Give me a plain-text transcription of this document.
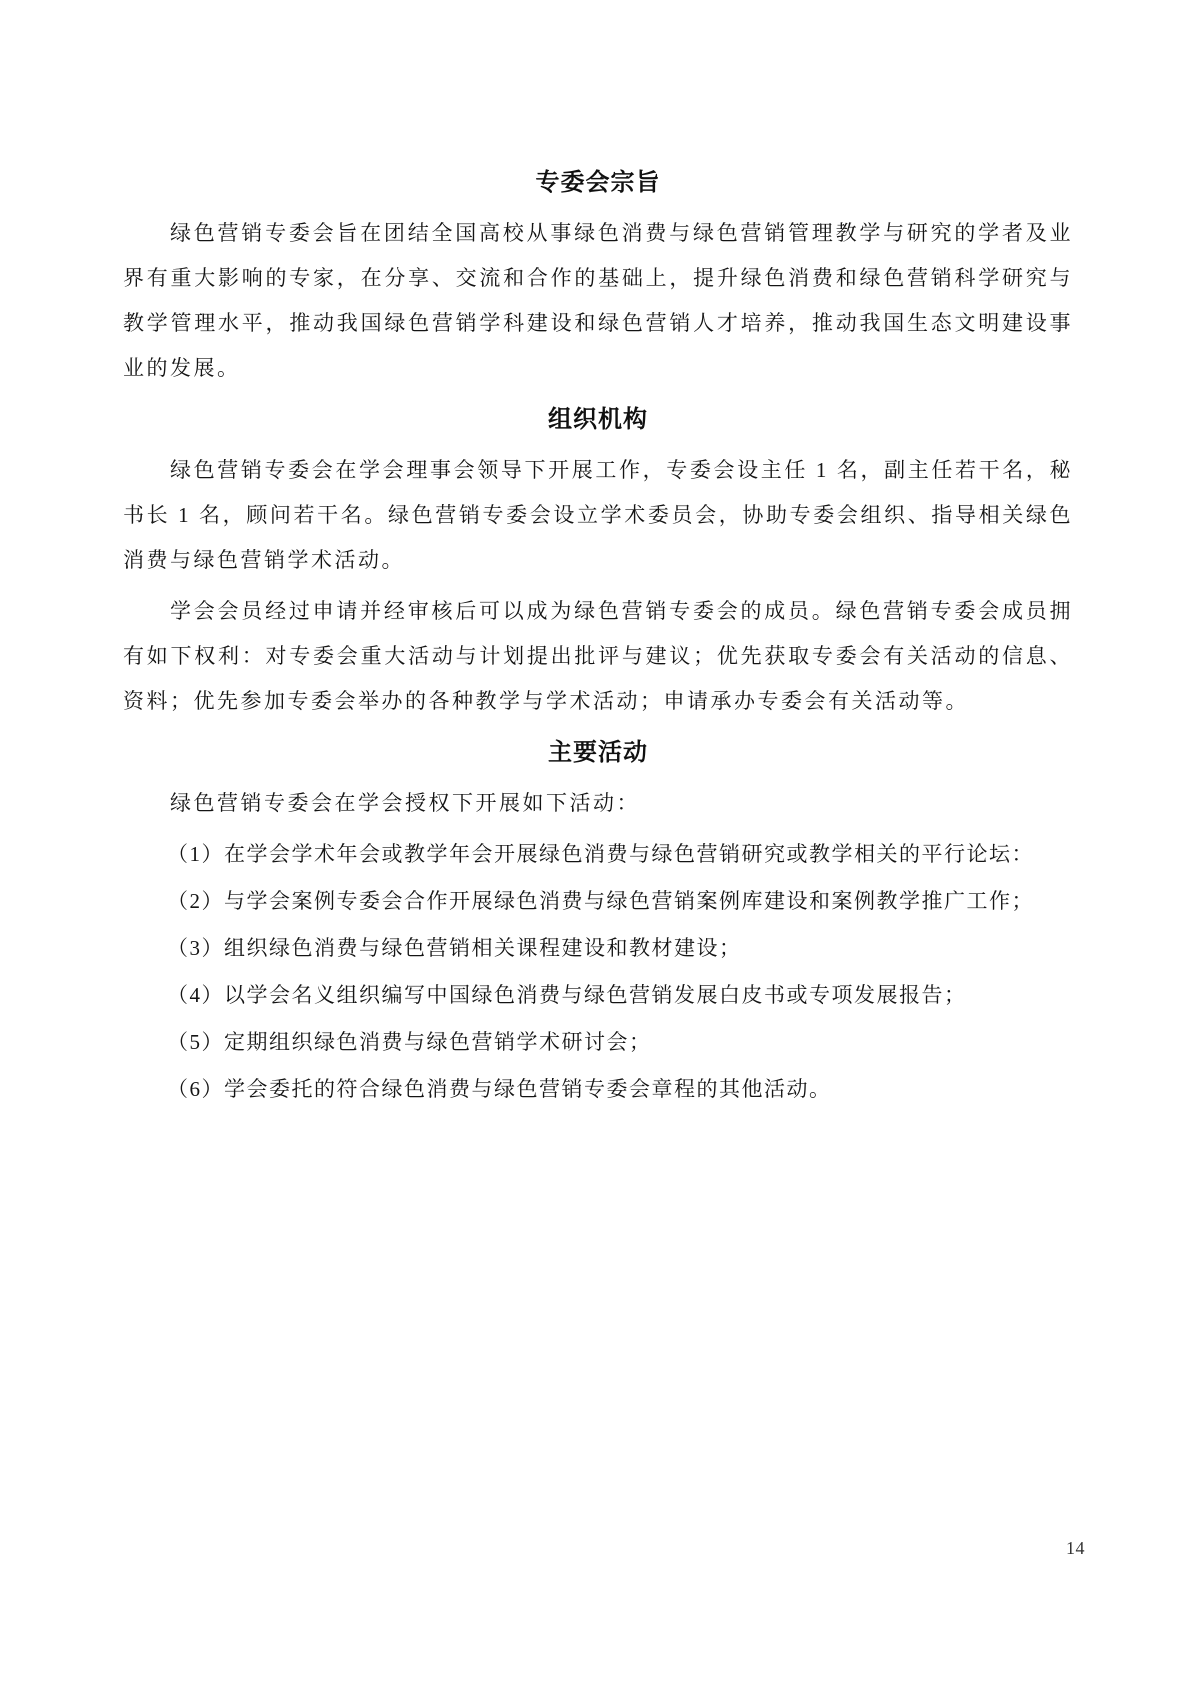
专委会宗旨

绿色营销专委会旨在团结全国高校从事绿色消费与绿色营销管理教学与研究的学者及业界有重大影响的专家，在分享、交流和合作的基础上，提升绿色消费和绿色营销科学研究与教学管理水平，推动我国绿色营销学科建设和绿色营销人才培养，推动我国生态文明建设事业的发展。

组织机构

绿色营销专委会在学会理事会领导下开展工作，专委会设主任 1 名，副主任若干名，秘书长 1 名，顾问若干名。绿色营销专委会设立学术委员会，协助专委会组织、指导相关绿色消费与绿色营销学术活动。

学会会员经过申请并经审核后可以成为绿色营销专委会的成员。绿色营销专委会成员拥有如下权利：对专委会重大活动与计划提出批评与建议；优先获取专委会有关活动的信息、资料；优先参加专委会举办的各种教学与学术活动；申请承办专委会有关活动等。

主要活动

绿色营销专委会在学会授权下开展如下活动：

（1）在学会学术年会或教学年会开展绿色消费与绿色营销研究或教学相关的平行论坛：

（2）与学会案例专委会合作开展绿色消费与绿色营销案例库建设和案例教学推广工作；

（3）组织绿色消费与绿色营销相关课程建设和教材建设；

（4）以学会名义组织编写中国绿色消费与绿色营销发展白皮书或专项发展报告；

（5）定期组织绿色消费与绿色营销学术研讨会；

（6）学会委托的符合绿色消费与绿色营销专委会章程的其他活动。

14
